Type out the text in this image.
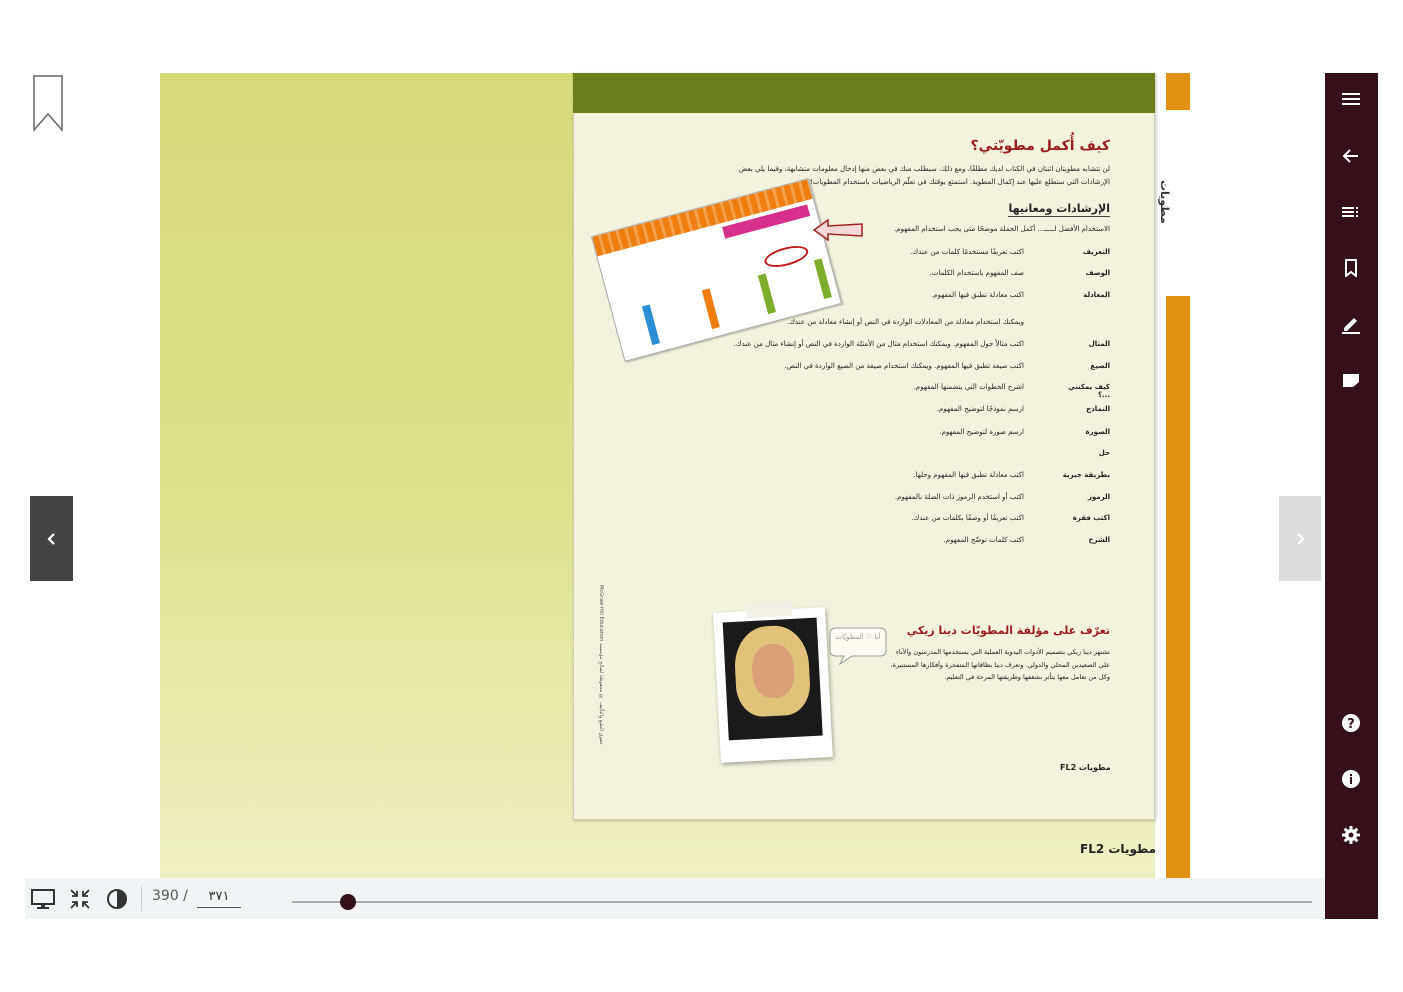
مطويات
كيف أُكمل مطويّتي؟
لن تتشابه مطويتان اثنتان في الكتاب لديك مطلقًا، ومع ذلك، سيطلب منك في بعض منها إدخال معلومات متشابهة، وفيما يلي بعض الإرشادات التي ستطلع عليها عند إكمال المطوية. استمتع بوقتك في تعلّم الرياضيات باستخدام المطويات!
الإرشادات ومعانيها
الاستخدام الأفضل لـــــ... أكمل الجملة موضحًا متى يجب استخدام المفهوم.
التعريف
اكتب تعريفًا مستخدمًا كلمات من عندك.
الوصف
صف المفهوم باستخدام الكلمات.
المعادلة
اكتب معادلة تطبق فيها المفهوم.
ويمكنك استخدام معادلة من المعادلات الواردة في النص أو إنشاء معادلة من عندك.
المثال
اكتب مثالاً حول المفهوم. ويمكنك استخدام مثال من الأمثلة الواردة في النص أو إنشاء مثال من عندك.
الصيغ
اكتب صيغة تطبق فيها المفهوم. ويمكنك استخدام صيغة من الصيغ الواردة في النص.
كيف يمكنني ...؟
اشرح الخطوات التي يتضمنها المفهوم.
النماذج
ارسم نموذجًا لتوضيح المفهوم.
الصورة
ارسم صورة لتوضيح المفهوم.
حل
بطريقة جبرية
اكتب معادلة تطبق فيها المفهوم وحلها.
الرموز
اكتب أو استخدم الرموز ذات الصلة بالمفهوم.
اكتب فقرة
اكتب تعريفًا أو وصفًا بكلمات من عندك.
الشرح
اكتب كلمات توضّح المفهوم.
أنا ♡ المطويّات تعرّف على مؤلفة المطويّات دينا زيكي
تشتهر دينا زيكي بتصميم الأدوات اليدوية العملية التي يستخدمها المدرسون والآباء على الصعيدين المحلي والدولي. وتعرف دينا بطاقاتها المتفجرة وأفكارها المستنيرة، وكل من تعامل معها يتأثر بشغفها وطريقتها المرحة في التعليم.
McGraw-Hill Education حقوق الطبع والتأليف © محفوظة لصالح مؤسسة
FL2 مطويات
FL2 مطويات
?
390 /
٣٧١
